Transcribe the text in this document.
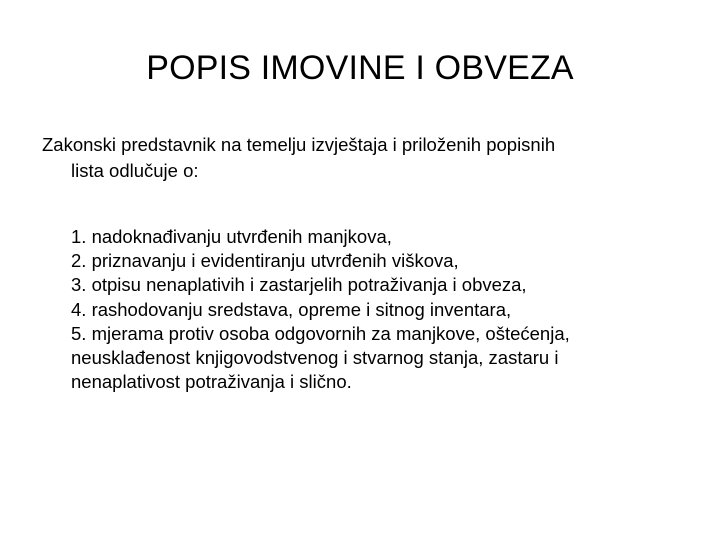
POPIS IMOVINE I OBVEZA
Zakonski predstavnik na temelju izvještaja i priloženih popisnih
lista odlučuje o:
1. nadoknađivanju utvrđenih manjkova,
2. priznavanju i evidentiranju utvrđenih viškova,
3. otpisu nenaplativih i zastarjelih potraživanja i obveza,
4. rashodovanju sredstava, opreme i sitnog inventara,
5. mjerama protiv osoba odgovornih za manjkove, oštećenja,
neusklađenost knjigovodstvenog i stvarnog stanja, zastaru i
nenaplativost potraživanja i slično.
